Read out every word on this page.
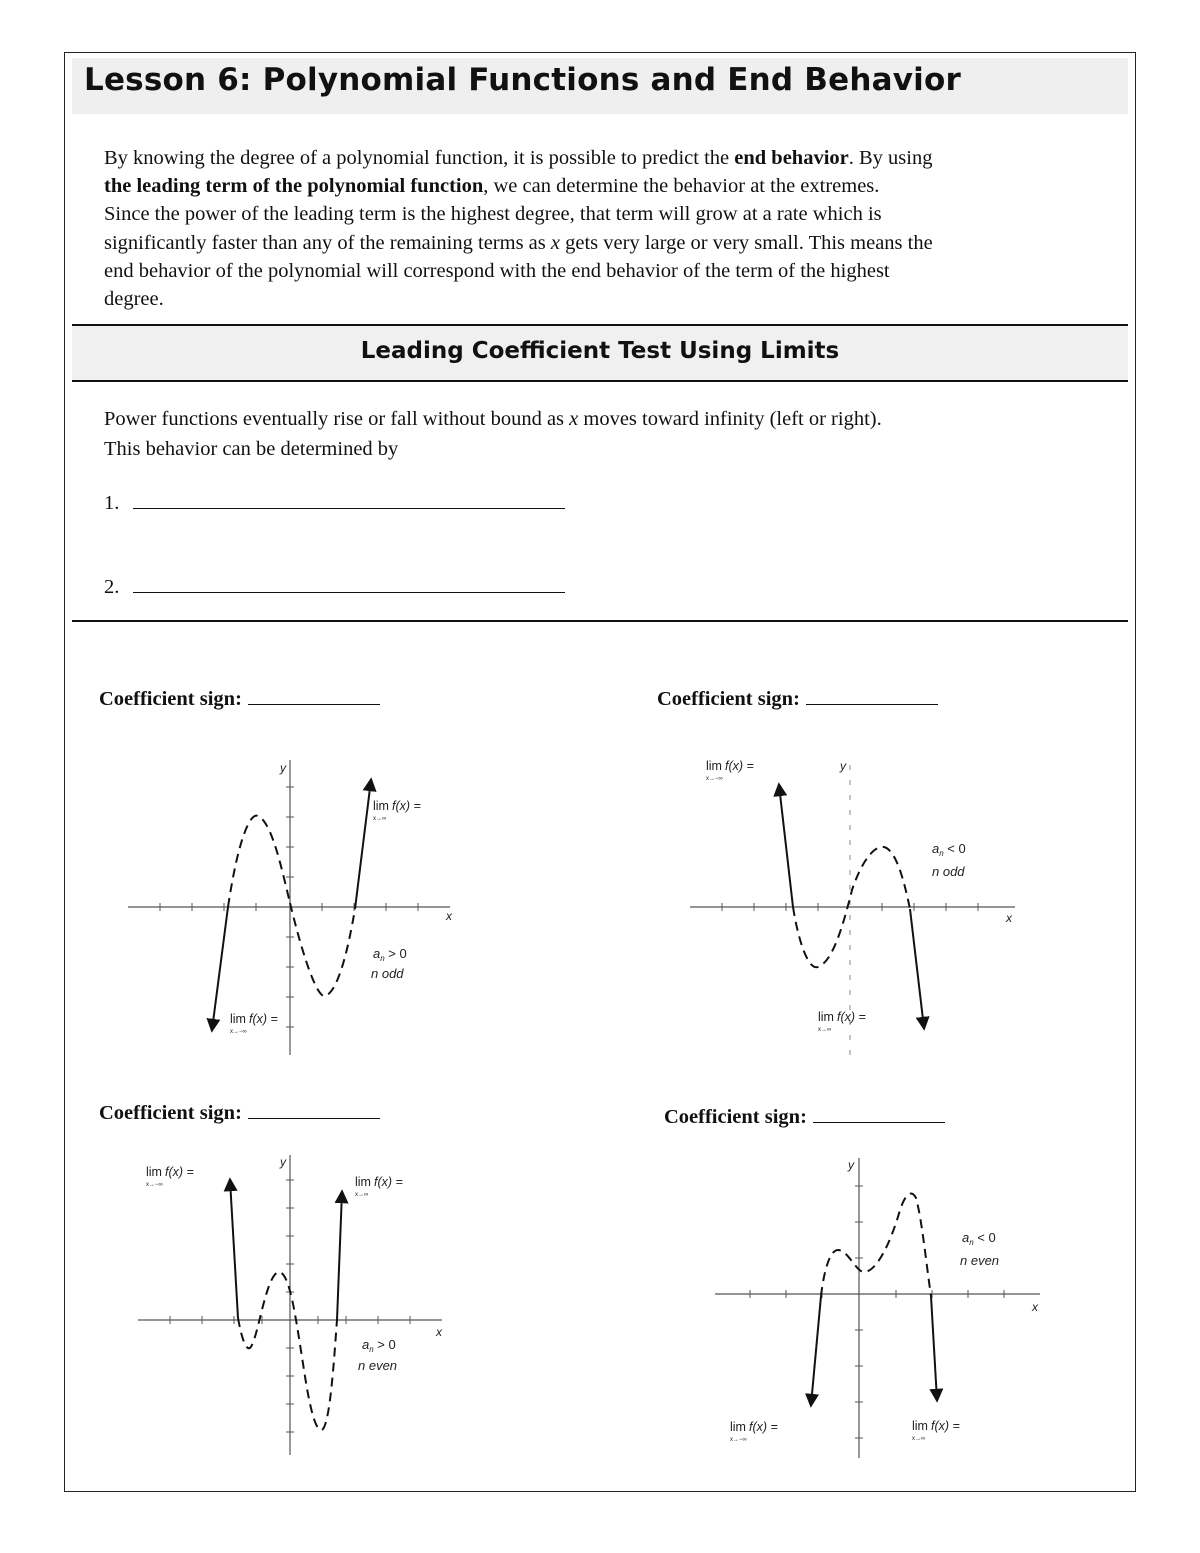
Lesson 6: Polynomial Functions and End Behavior
By knowing the degree of a polynomial function, it is possible to predict the end behavior. By using
the leading term of the polynomial function, we can determine the behavior at the extremes.
Since the power of the leading term is the highest degree, that term will grow at a rate which is
significantly faster than any of the remaining terms as x gets very large or very small. This means the
end behavior of the polynomial will correspond with the end behavior of the term of the highest
degree.
Leading Coefficient Test Using Limits
Power functions eventually rise or fall without bound as x moves toward infinity (left or right).
This behavior can be determined by
1.
2.
Coefficient sign:	Coefficient sign:
Coefficient sign:	Coefficient sign:
y
x
lim f(x) =
x→∞
lim f(x) =
x→−∞
$a_n > 0$
n odd
y
x
lim f(x) =
x→−∞
lim f(x) =
x→∞
$a_n < 0$
n odd
y
x
lim f(x) =
x→−∞	lim f(x) =
x→∞
$a_n > 0$
n even
y
x
lim f(x) =
x→−∞
lim f(x) =
x→∞
$a_n < 0$
n even
